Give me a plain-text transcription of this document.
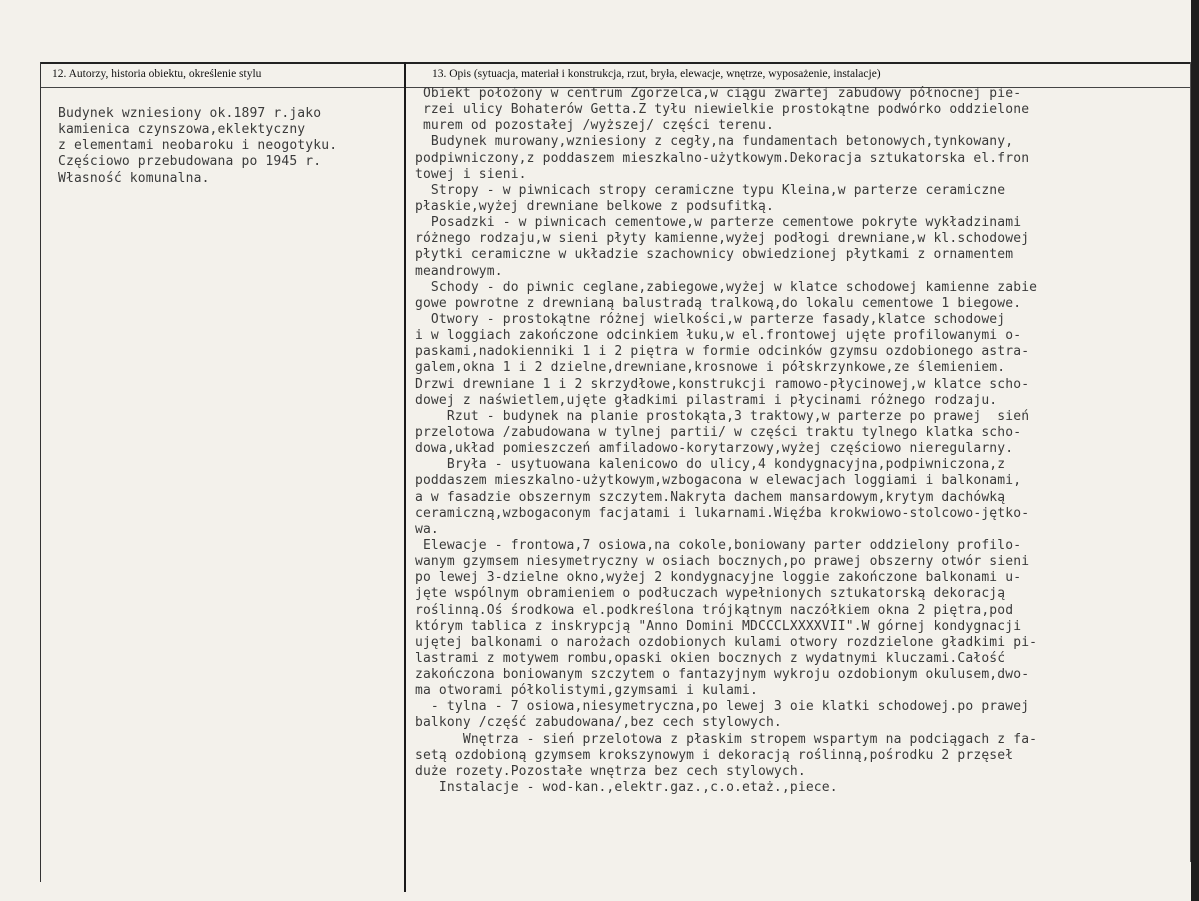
12. Autorzy, historia obiektu, określenie stylu	13. Opis (sytuacja, materiał i konstrukcja, rzut, bryła, elewacje, wnętrze, wyposażenie, instalacje)
Budynek wzniesiony ok.1897 r.jako
kamienica czynszowa,eklektyczny
z elementami neobaroku i neogotyku.
Częściowo przebudowana po 1945 r.
Własność komunalna.
Obiekt położony w centrum Zgorzelca,w ciągu zwartej zabudowy północnej pie-
rzei ulicy Bohaterów Getta.Z tyłu niewielkie prostokątne podwórko oddzielone
murem od pozostałej /wyższej/ części terenu.
Budynek murowany,wzniesiony z cegły,na fundamentach betonowych,tynkowany,
podpiwniczony,z poddaszem mieszkalno-użytkowym.Dekoracja sztukatorska el.fron
towej i sieni.
Stropy - w piwnicach stropy ceramiczne typu Kleina,w parterze ceramiczne
płaskie,wyżej drewniane belkowe z podsufitką.
Posadzki - w piwnicach cementowe,w parterze cementowe pokryte wykładzinami
różnego rodzaju,w sieni płyty kamienne,wyżej podłogi drewniane,w kl.schodowej
płytki ceramiczne w układzie szachownicy obwiedzionej płytkami z ornamentem
meandrowym.
Schody - do piwnic ceglane,zabiegowe,wyżej w klatce schodowej kamienne zabie
gowe powrotne z drewnianą balustradą tralkową,do lokalu cementowe 1 biegowe.
Otwory - prostokątne różnej wielkości,w parterze fasady,klatce schodowej
i w loggiach zakończone odcinkiem łuku,w el.frontowej ujęte profilowanymi o-
paskami,nadokienniki 1 i 2 piętra w formie odcinków gzymsu ozdobionego astra-
galem,okna 1 i 2 dzielne,drewniane,krosnowe i półskrzynkowe,ze ślemieniem.
Drzwi drewniane 1 i 2 skrzydłowe,konstrukcji ramowo-płycinowej,w klatce scho-
dowej z naświetlem,ujęte gładkimi pilastrami i płycinami różnego rodzaju.
Rzut - budynek na planie prostokąta,3 traktowy,w parterze po prawej  sień
przelotowa /zabudowana w tylnej partii/ w części traktu tylnego klatka scho-
dowa,układ pomieszczeń amfiladowo-korytarzowy,wyżej częściowo nieregularny.
Bryła - usytuowana kalenicowo do ulicy,4 kondygnacyjna,podpiwniczona,z
poddaszem mieszkalno-użytkowym,wzbogacona w elewacjach loggiami i balkonami,
a w fasadzie obszernym szczytem.Nakryta dachem mansardowym,krytym dachówką
ceramiczną,wzbogaconym facjatami i lukarnami.Więźba krokwiowo-stolcowo-jętko-
wa.
Elewacje - frontowa,7 osiowa,na cokole,boniowany parter oddzielony profilo-
wanym gzymsem niesymetryczny w osiach bocznych,po prawej obszerny otwór sieni
po lewej 3-dzielne okno,wyżej 2 kondygnacyjne loggie zakończone balkonami u-
jęte wspólnym obramieniem o podłuczach wypełnionych sztukatorską dekoracją
roślinną.Oś środkowa el.podkreślona trójkątnym naczółkiem okna 2 piętra,pod
którym tablica z inskrypcją "Anno Domini MDCCCLXXXXVII".W górnej kondygnacji
ujętej balkonami o narożach ozdobionych kulami otwory rozdzielone gładkimi pi-
lastrami z motywem rombu,opaski okien bocznych z wydatnymi kluczami.Całość
zakończona boniowanym szczytem o fantazyjnym wykroju ozdobionym okulusem,dwo-
ma otworami półkolistymi,gzymsami i kulami.
- tylna - 7 osiowa,niesymetryczna,po lewej 3 oie klatki schodowej.po prawej
balkony /część zabudowana/,bez cech stylowych.
Wnętrza - sień przelotowa z płaskim stropem wspartym na podciągach z fa-
setą ozdobioną gzymsem krokszynowym i dekoracją roślinną,pośrodku 2 przęseł
duże rozety.Pozostałe wnętrza bez cech stylowych.
Instalacje - wod-kan.,elektr.gaz.,c.o.etaż.,piece.
